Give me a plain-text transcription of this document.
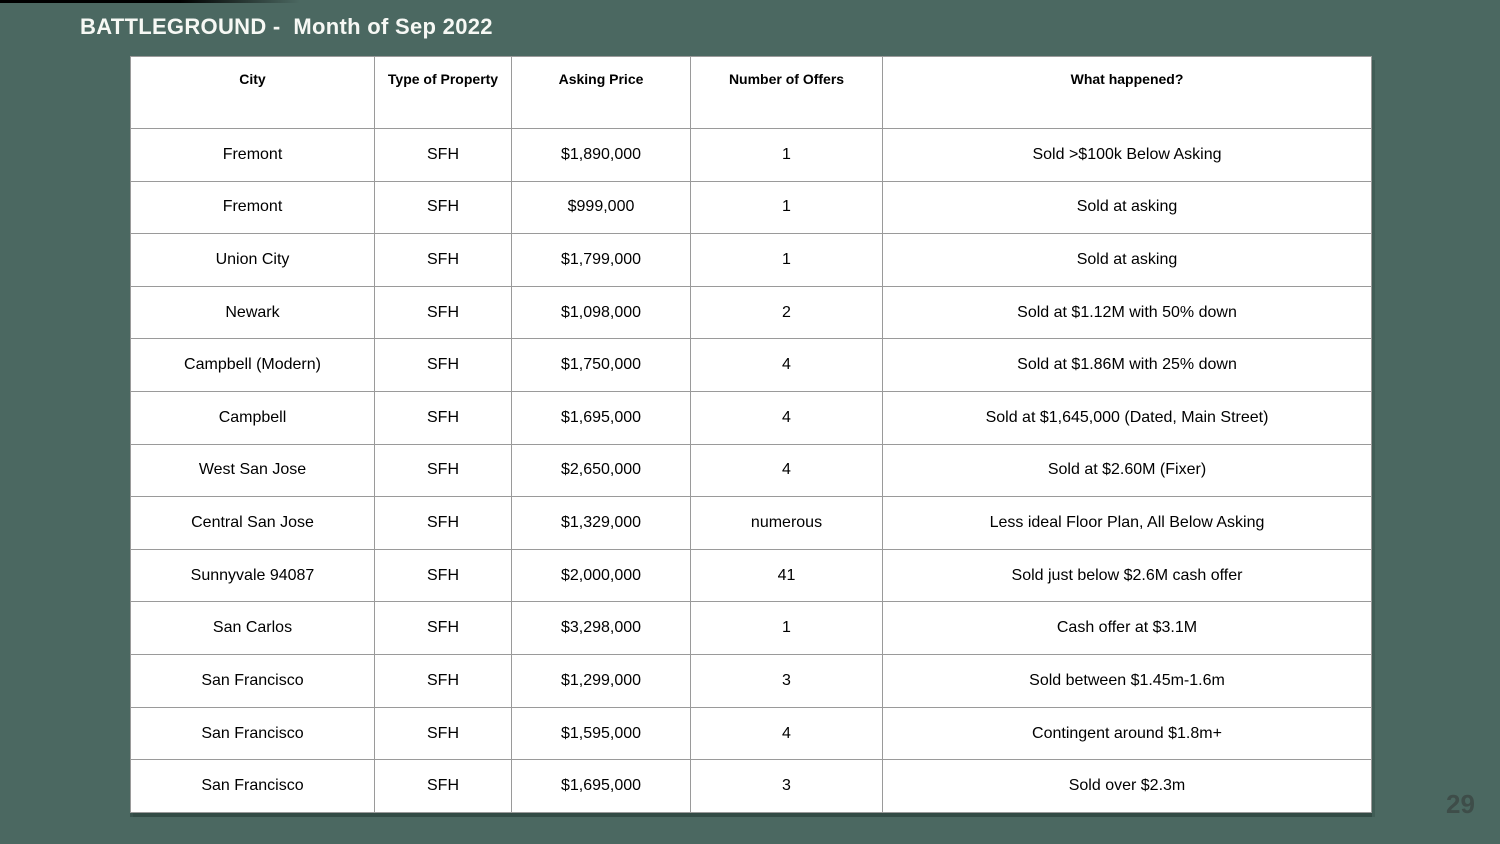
BATTLEGROUND -  Month of Sep 2022
City	Type of Property	Asking Price	Number of Offers	What happened?
Fremont	SFH	$1,890,000	1	Sold >$100k Below Asking
Fremont	SFH	$999,000	1	Sold at asking
Union City	SFH	$1,799,000	1	Sold at asking
Newark	SFH	$1,098,000	2	Sold at $1.12M with 50% down
Campbell (Modern)	SFH	$1,750,000	4	Sold at $1.86M with 25% down
Campbell	SFH	$1,695,000	4	Sold at $1,645,000 (Dated, Main Street)
West San Jose	SFH	$2,650,000	4	Sold at $2.60M (Fixer)
Central San Jose	SFH	$1,329,000	numerous	Less ideal Floor Plan, All Below Asking
Sunnyvale 94087	SFH	$2,000,000	41	Sold just below $2.6M cash offer
San Carlos	SFH	$3,298,000	1	Cash offer at $3.1M
San Francisco	SFH	$1,299,000	3	Sold between $1.45m-1.6m
San Francisco	SFH	$1,595,000	4	Contingent around $1.8m+
San Francisco	SFH	$1,695,000	3	Sold over $2.3m
29
